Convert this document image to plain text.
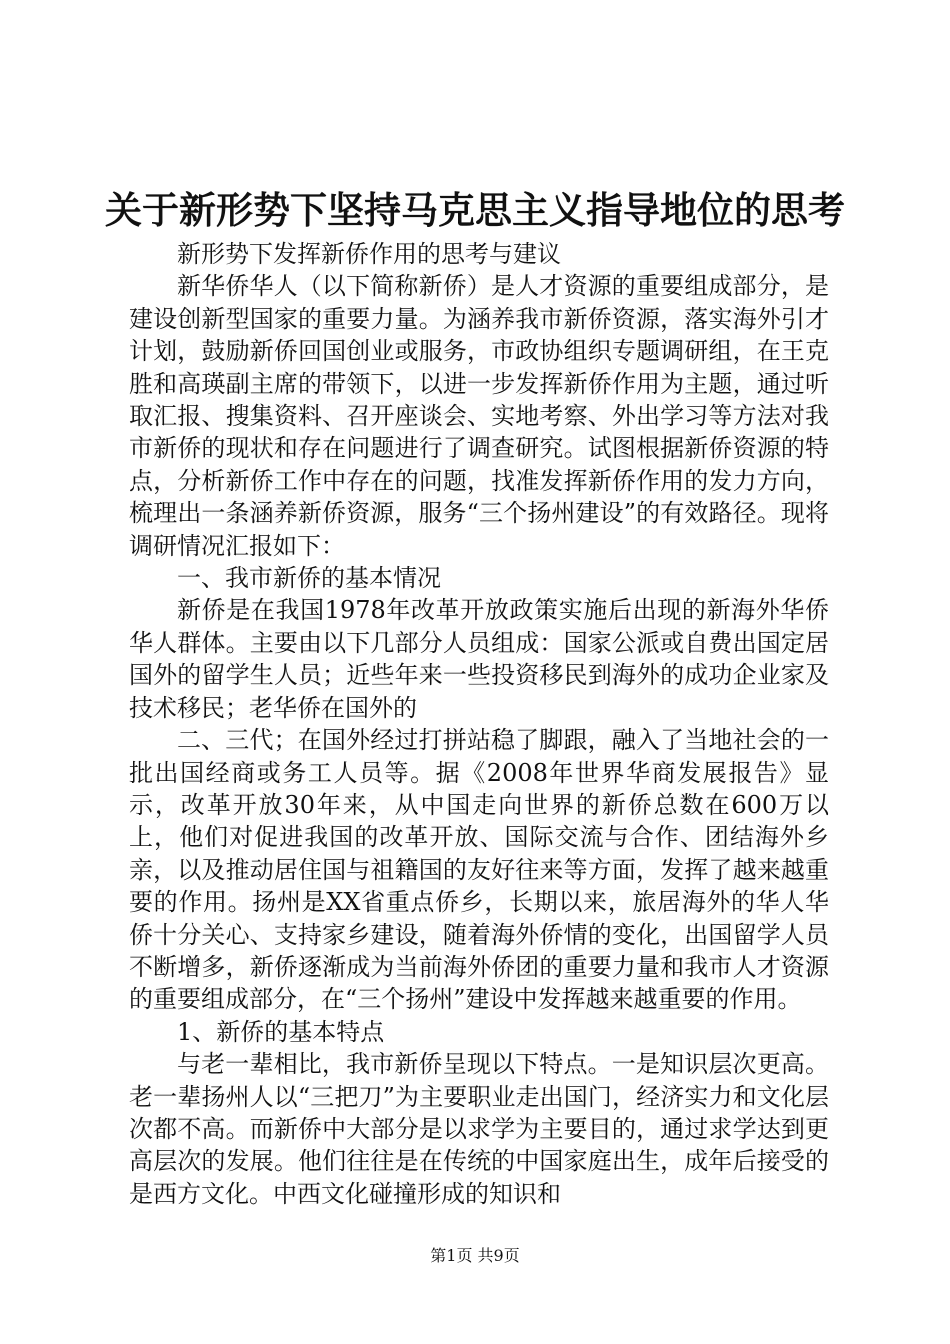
关于新形势下坚持马克思主义指导地位的思考

新形势下发挥新侨作用的思考与建议

新华侨华人（以下简称新侨）是人才资源的重要组成部分，是建设创新型国家的重要力量。为涵养我市新侨资源，落实海外引才计划，鼓励新侨回国创业或服务，市政协组织专题调研组，在王克胜和高瑛副主席的带领下，以进一步发挥新侨作用为主题，通过听取汇报、搜集资料、召开座谈会、实地考察、外出学习等方法对我市新侨的现状和存在问题进行了调查研究。试图根据新侨资源的特点，分析新侨工作中存在的问题，找准发挥新侨作用的发力方向，梳理出一条涵养新侨资源，服务“三个扬州建设”的有效路径。现将调研情况汇报如下：

一、我市新侨的基本情况

新侨是在我国1978年改革开放政策实施后出现的新海外华侨华人群体。主要由以下几部分人员组成：国家公派或自费出国定居国外的留学生人员；近些年来一些投资移民到海外的成功企业家及技术移民；老华侨在国外的

二、三代；在国外经过打拼站稳了脚跟，融入了当地社会的一批出国经商或务工人员等。据《2008年世界华商发展报告》显示，改革开放30年来，从中国走向世界的新侨总数在600万以上，他们对促进我国的改革开放、国际交流与合作、团结海外乡亲，以及推动居住国与祖籍国的友好往来等方面，发挥了越来越重要的作用。扬州是XX省重点侨乡，长期以来，旅居海外的华人华侨十分关心、支持家乡建设，随着海外侨情的变化，出国留学人员不断增多，新侨逐渐成为当前海外侨团的重要力量和我市人才资源的重要组成部分，在“三个扬州”建设中发挥越来越重要的作用。

1、新侨的基本特点

与老一辈相比，我市新侨呈现以下特点。一是知识层次更高。老一辈扬州人以“三把刀”为主要职业走出国门，经济实力和文化层次都不高。而新侨中大部分是以求学为主要目的，通过求学达到更高层次的发展。他们往往是在传统的中国家庭出生，成年后接受的是西方文化。中西文化碰撞形成的知识和

第1页 共9页
